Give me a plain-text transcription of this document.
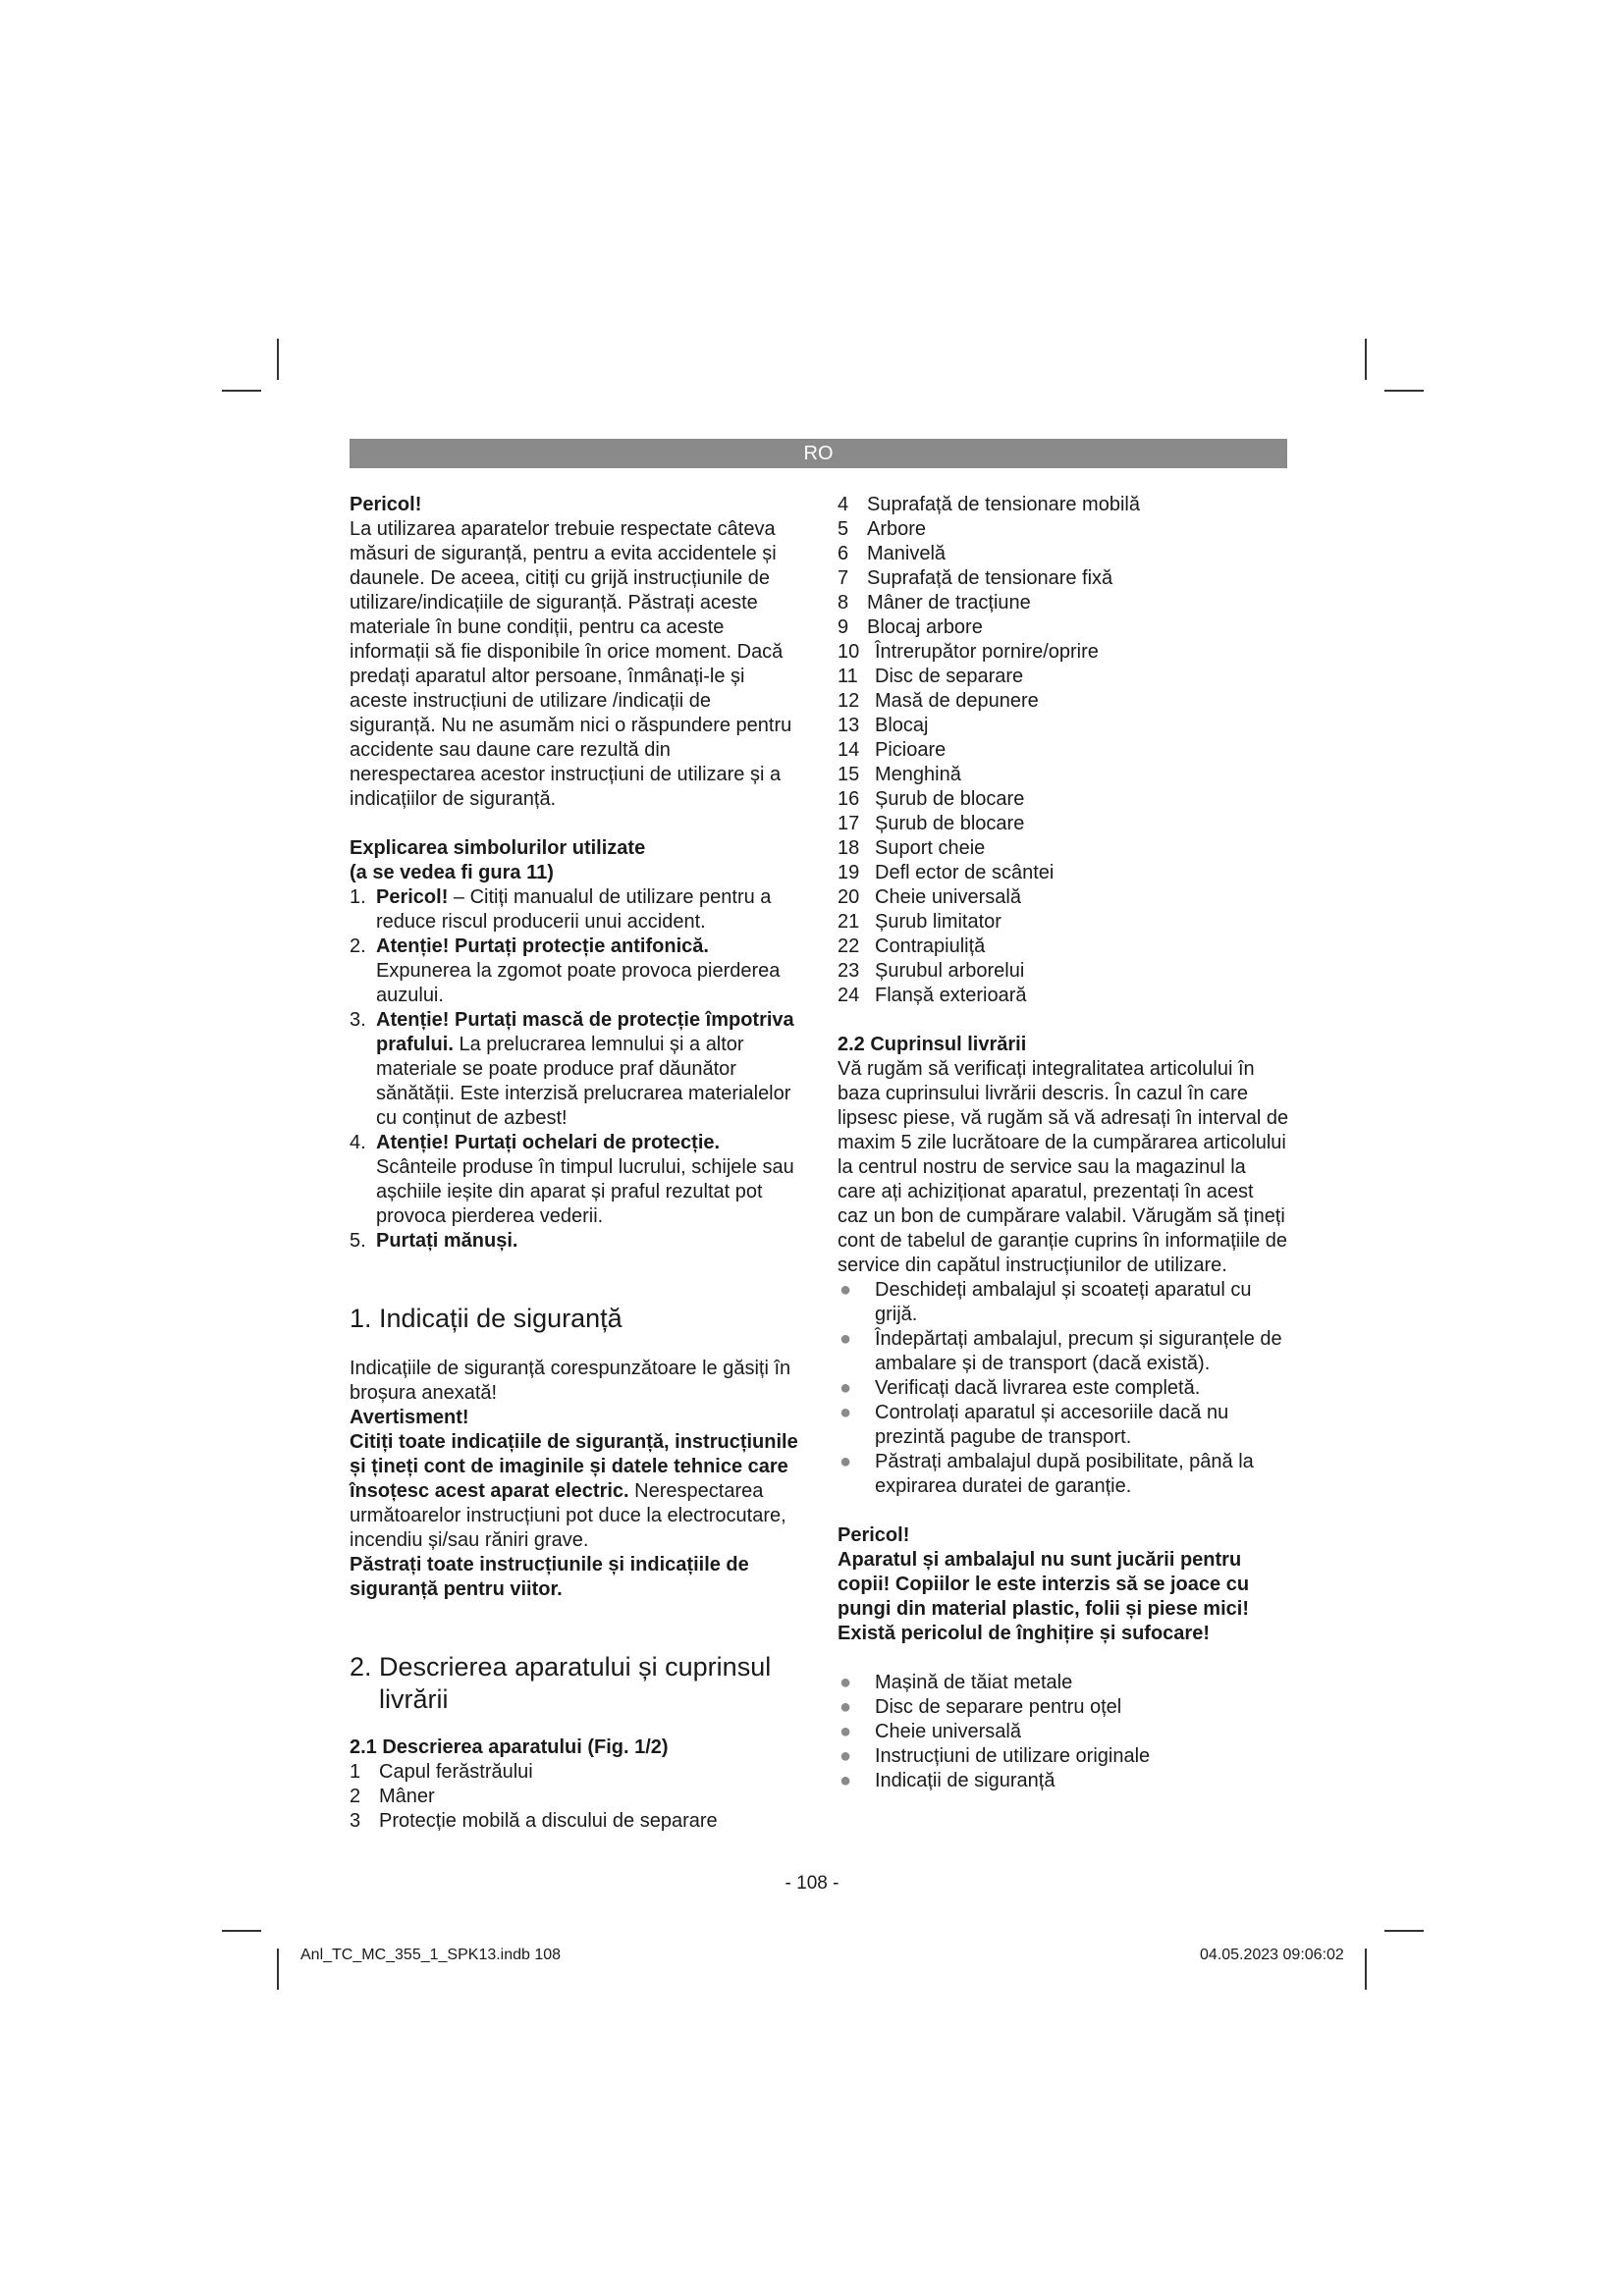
RO

Pericol!

La utilizarea aparatelor trebuie respectate câteva măsuri de siguranță, pentru a evita accidentele și daunele. De aceea, citiți cu grijă instrucțiunile de utilizare/indicațiile de siguranță. Păstrați aceste materiale în bune condiții, pentru ca aceste informații să fie disponibile în orice moment. Dacă predați aparatul altor persoane, înmânați-le și aceste instrucțiuni de utilizare /indicații de siguranță. Nu ne asumăm nici o răspundere pentru accidente sau daune care rezultă din nerespectarea acestor instrucțiuni de utilizare și a indicațiilor de siguranță.

Explicarea simbolurilor utilizate

(a se vedea fi gura 11)

1. Pericol! – Citiți manualul de utilizare pentru a reduce riscul producerii unui accident.
2. Atenție! Purtați protecție antifonică. Expunerea la zgomot poate provoca pierderea auzului.
3. Atenție! Purtați mască de protecție împotriva prafului. La prelucrarea lemnului și a altor materiale se poate produce praf dăunător sănătății. Este interzisă prelucrarea materialelor cu conținut de azbest!
4. Atenție! Purtați ochelari de protecție. Scânteile produse în timpul lucrului, schijele sau așchiile ieșite din aparat și praful rezultat pot provoca pierderea vederii.
5. Purtați mănuși.
1. Indicații de siguranță

Indicațiile de siguranță corespunzătoare le găsiți în broșura anexată!

Avertisment!

Citiți toate indicațiile de siguranță, instrucțiunile și țineți cont de imaginile și datele tehnice care însoțesc acest aparat electric. Nerespectarea următoarelor instrucțiuni pot duce la electrocutare, incendiu și/sau răniri grave.

Păstrați toate instrucțiunile și indicațiile de siguranță pentru viitor.

2. Descrierea aparatului și cuprinsul
livrării

2.1 Descrierea aparatului (Fig. 1/2)

1 Capul ferăstrăului
2 Mâner
3 Protecție mobilă a discului de separare
4 Suprafață de tensionare mobilă
5 Arbore
6 Manivelă
7 Suprafață de tensionare fixă
8 Mâner de tracțiune
9 Blocaj arbore
10 Întrerupător pornire/oprire
11 Disc de separare
12 Masă de depunere
13 Blocaj
14 Picioare
15 Menghină
16 Șurub de blocare
17 Șurub de blocare
18 Suport cheie
19 Defl ector de scântei
20 Cheie universală
21 Șurub limitator
22 Contrapiuliță
23 Șurubul arborelui
24 Flanșă exterioară

2.2 Cuprinsul livrării

Vă rugăm să verificați integralitatea articolului în baza cuprinsului livrării descris. În cazul în care lipsesc piese, vă rugăm să vă adresați în interval de maxim 5 zile lucrătoare de la cumpărarea articolului la centrul nostru de service sau la magazinul la care ați achiziționat aparatul, prezentați în acest caz un bon de cumpărare valabil. Vărugăm să țineți cont de tabelul de garanție cuprins în informațiile de service din capătul instrucțiunilor de utilizare.

●	Deschideți ambalajul și scoateți aparatul cu grijă.
●	Îndepărtați ambalajul, precum și siguranțele de ambalare și de transport (dacă există).
●	Verificați dacă livrarea este completă.
●	Controlați aparatul și accesoriile dacă nu prezintă pagube de transport.
●	Păstrați ambalajul după posibilitate, până la expirarea duratei de garanție.

Pericol!

Aparatul și ambalajul nu sunt jucării pentru copii! Copiilor le este interzis să se joace cu pungi din material plastic, folii și piese mici! Există pericolul de înghițire și sufocare!

●	Mașină de tăiat metale
●	Disc de separare pentru oțel
●	Cheie universală
●	Instrucțiuni de utilizare originale
●	Indicații de siguranță
- 108 -
Anl_TC_MC_355_1_SPK13.indb 108	04.05.2023 09:06:02
